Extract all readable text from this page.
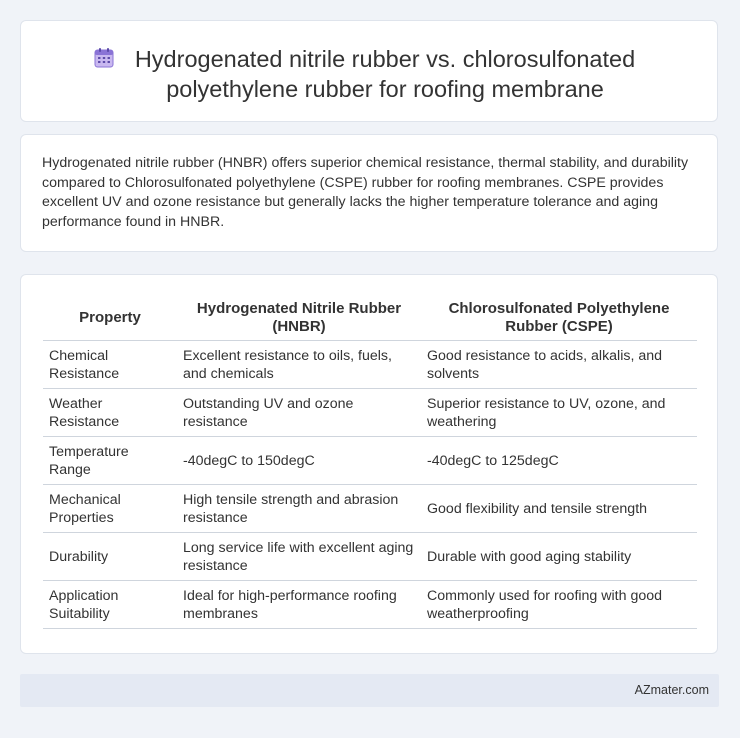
Hydrogenated nitrile rubber vs. chlorosulfonated polyethylene rubber for roofing membrane
Hydrogenated nitrile rubber (HNBR) offers superior chemical resistance, thermal stability, and durability compared to Chlorosulfonated polyethylene (CSPE) rubber for roofing membranes. CSPE provides excellent UV and ozone resistance but generally lacks the higher temperature tolerance and aging performance found in HNBR.
Property	Hydrogenated Nitrile Rubber (HNBR)	Chlorosulfonated Polyethylene Rubber (CSPE)
Chemical Resistance	Excellent resistance to oils, fuels, and chemicals	Good resistance to acids, alkalis, and solvents
Weather Resistance	Outstanding UV and ozone resistance	Superior resistance to UV, ozone, and weathering
Temperature Range	-40degC to 150degC	-40degC to 125degC
Mechanical Properties	High tensile strength and abrasion resistance	Good flexibility and tensile strength
Durability	Long service life with excellent aging resistance	Durable with good aging stability
Application Suitability	Ideal for high-performance roofing membranes	Commonly used for roofing with good weatherproofing
AZmater.com
